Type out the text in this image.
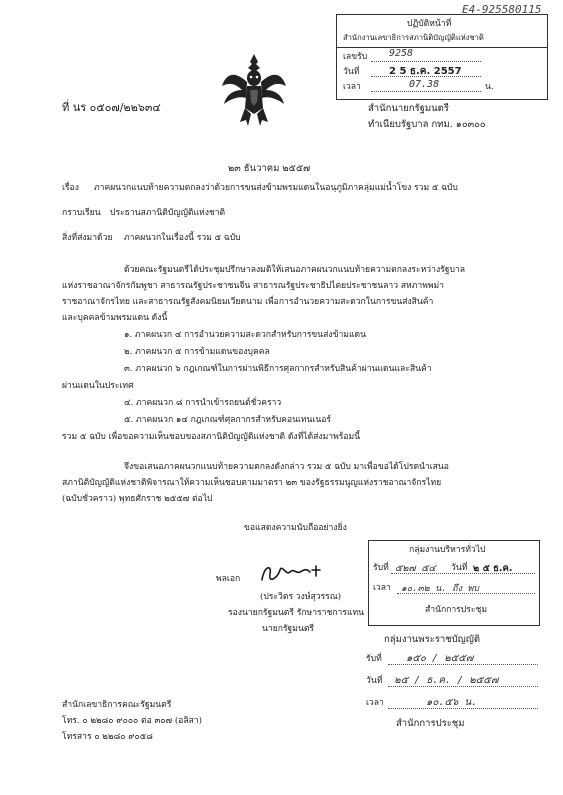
E4-925580115
ปฏิบัติหน้าที่
สำนักงานเลขาธิการสภานิติบัญญัติแห่งชาติ
เลขรับ 9258
วันที่	2 5 ธ.ค. 2557
เวลา	07.38	น.
ที่ นร ๐๕๐๗/๒๒๖๓๔	สำนักนายกรัฐมนตรี
ทำเนียบรัฐบาล กทม. ๑๐๓๐๐
๒๓ ธันวาคม ๒๕๕๗
เรื่อง ภาคผนวกแนบท้ายความตกลงว่าด้วยการขนส่งข้ามพรมแดนในอนุภูมิภาคลุ่มแม่น้ำโขง รวม ๕ ฉบับ
กราบเรียน ประธานสภานิติบัญญัติแห่งชาติ
สิ่งที่ส่งมาด้วย ภาคผนวกในเรื่องนี้ รวม ๕ ฉบับ
ด้วยคณะรัฐมนตรีได้ประชุมปรึกษาลงมติให้เสนอภาคผนวกแนบท้ายความตกลงระหว่างรัฐบาล
แห่งราชอาณาจักรกัมพูชา สาธารณรัฐประชาชนจีน สาธารณรัฐประชาธิปไตยประชาชนลาว สหภาพพม่า
ราชอาณาจักรไทย และสาธารณรัฐสังคมนิยมเวียดนาม เพื่อการอำนวยความสะดวกในการขนส่งสินค้า
และบุคคลข้ามพรมแดน ดังนี้
๑. ภาคผนวก ๔ การอำนวยความสะดวกสำหรับการขนส่งข้ามแดน
๒. ภาคผนวก ๕ การข้ามแดนของบุคคล
๓. ภาคผนวก ๖ กฎเกณฑ์ในการผ่านพิธีการศุลกากรสำหรับสินค้าผ่านแดนและสินค้า
ผ่านแดนในประเทศ
๔. ภาคผนวก ๘ การนำเข้ารถยนต์ชั่วคราว
๕. ภาคผนวก ๑๔ กฎเกณฑ์ศุลกากรสำหรับคอนเทนเนอร์
รวม ๕ ฉบับ เพื่อขอความเห็นชอบของสภานิติบัญญัติแห่งชาติ ดังที่ได้ส่งมาพร้อมนี้
จึงขอเสนอภาคผนวกแนบท้ายความตกลงดังกล่าว รวม ๕ ฉบับ มาเพื่อขอได้โปรดนำเสนอ
สภานิติบัญญัติแห่งชาติพิจารณาให้ความเห็นชอบตามมาตรา ๒๓ ของรัฐธรรมนูญแห่งราชอาณาจักรไทย
(ฉบับชั่วคราว) พุทธศักราช ๒๕๕๗ ต่อไป
ขอแสดงความนับถืออย่างยิ่ง
พลเอก
(ประวิตร วงษ์สุวรรณ)
รองนายกรัฐมนตรี รักษาราชการแทน
นายกรัฐมนตรี
กลุ่มงานบริหารทั่วไป
รับที่ ๕๒๗ ๕๔ วันที่ ๒ ๕ ธ.ค.
เวลา ๑๐.๓๒ น. ถึง พบ
สำนักการประชุม
กลุ่มงานพระราชบัญญัติ
รับที่ ๑๕๐ / ๒๕๕๗
วันที่ ๒๕ / ธ.ค. / ๒๕๕๗
เวลา	๑๐.๕๖ น.
สำนักการประชุม
สำนักเลขาธิการคณะรัฐมนตรี
โทร. ๐ ๒๒๘๐ ๙๐๐๐ ต่อ ๓๐๗ (อลิสา)
โทรสาร ๐ ๒๒๘๐ ๙๐๕๘
